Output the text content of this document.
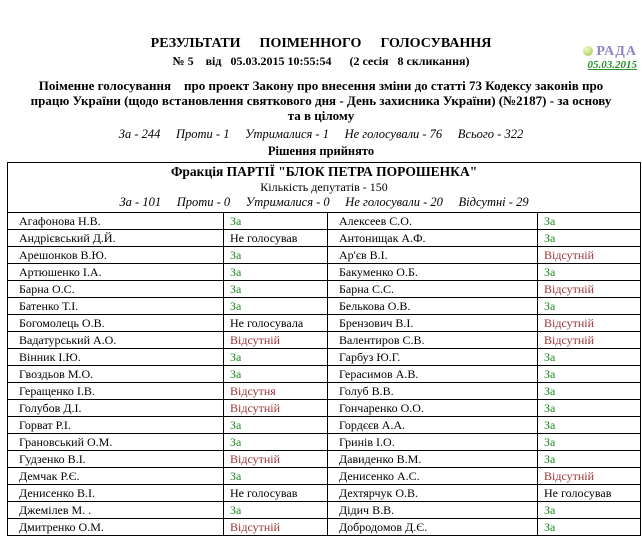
РАДА
05.03.2015
РЕЗУЛЬТАТИ  ПОІМЕННОГО  ГОЛОСУВАННЯ
№ 5    від   05.03.2015 10:55:54      (2 сесія   8 скликання)
Поіменне голосування    про проект Закону про внесення зміни до статті 73 Кодексу законів про працю України (щодо встановлення святкового дня - День захисника України) (№2187) - за основу та в цілому
За - 244     Проти - 1     Утрималися - 1     Не голосували - 76     Всього - 322
Рішення прийнято
Фракція ПАРТІЇ "БЛОК ПЕТРА ПОРОШЕНКА"
Кількість депутатів - 150
За - 101     Проти - 0     Утрималися - 0     Не голосували - 20     Відсутні - 29			

Агафонова Н.В.	За	Алексеев С.О.	За
Андрієвський Д.Й.	Не голосував	Антонищак А.Ф.	За
Арешонков В.Ю.	За	Ар'єв В.І.	Відсутній
Артюшенко І.А.	За	Бакуменко О.Б.	За
Барна О.С.	За	Барна С.С.	Відсутній
Батенко Т.І.	За	Белькова О.В.	За
Богомолець О.В.	Не голосувала	Брензович В.І.	Відсутній
Вадатурський А.О.	Відсутній	Валентиров С.В.	Відсутній
Вінник І.Ю.	За	Гарбуз Ю.Г.	За
Гвоздьов М.О.	За	Герасимов А.В.	За
Геращенко І.В.	Відсутня	Голуб В.В.	За
Голубов Д.І.	Відсутній	Гончаренко О.О.	За
Горват Р.І.	За	Гордєєв А.А.	За
Грановський О.М.	За	Гринів І.О.	За
Гудзенко В.І.	Відсутній	Давиденко В.М.	За
Демчак Р.Є.	За	Денисенко А.С.	Відсутній
Денисенко В.І.	Не голосував	Дехтярчук О.В.	Не голосував
Джемілев М. .	За	Дідич В.В.	За
Дмитренко О.М.	Відсутній	Добродомов Д.Є.	За
